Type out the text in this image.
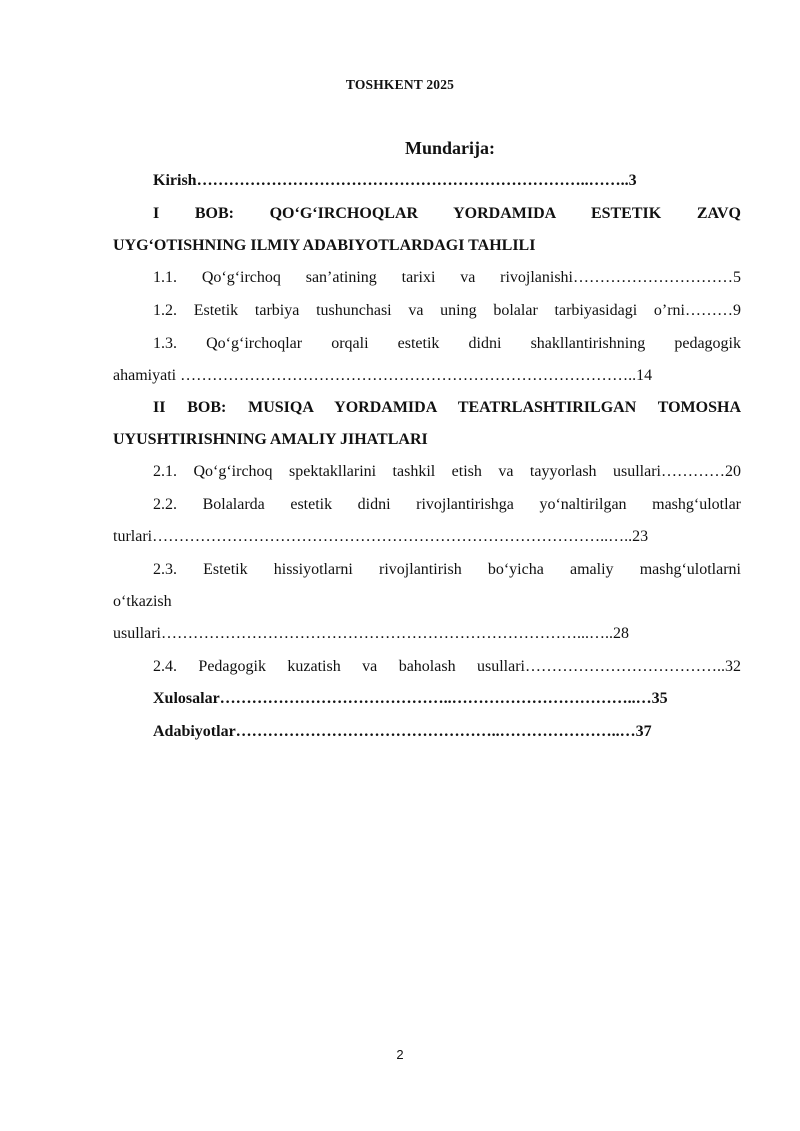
TOSHKENT 2025
Mundarija:
Kirish………………………………………………………………..……..3
I BOB: QO‘G‘IRCHOQLAR YORDAMIDA ESTETIK ZAVQ
UYG‘OTISHNING ILMIY ADABIYOTLARDAGI TAHLILI
1.1. Qo‘g‘irchoq san’atining tarixi va rivojlanishi…………………………5
1.2. Estetik tarbiya tushunchasi va uning bolalar tarbiyasidagi o’rni………9
1.3. Qo‘g‘irchoqlar orqali estetik didni shakllantirishning pedagogik
ahamiyati …………………………………………………………………………..14
II BOB: MUSIQA YORDAMIDA TEATRLASHTIRILGAN TOMOSHA
UYUSHTIRISHNING AMALIY JIHATLARI
2.1. Qo‘g‘irchoq spektakllarini tashkil etish va tayyorlash usullari…………20
2.2. Bolalarda estetik didni rivojlantirishga yo‘naltirilgan mashg‘ulotlar
turlari…………………………………………………………………………..…..23
2.3. Estetik hissiyotlarni rivojlantirish bo‘yicha amaliy mashg‘ulotlarni
o‘tkazish
usullari……………………………………………………………………...…..28
2.4. Pedagogik kuzatish va baholash usullari………………………………..32
Xulosalar……………………………………..……………………………..…35
Adabiyotlar…………………………………………..…………………..…37
2
